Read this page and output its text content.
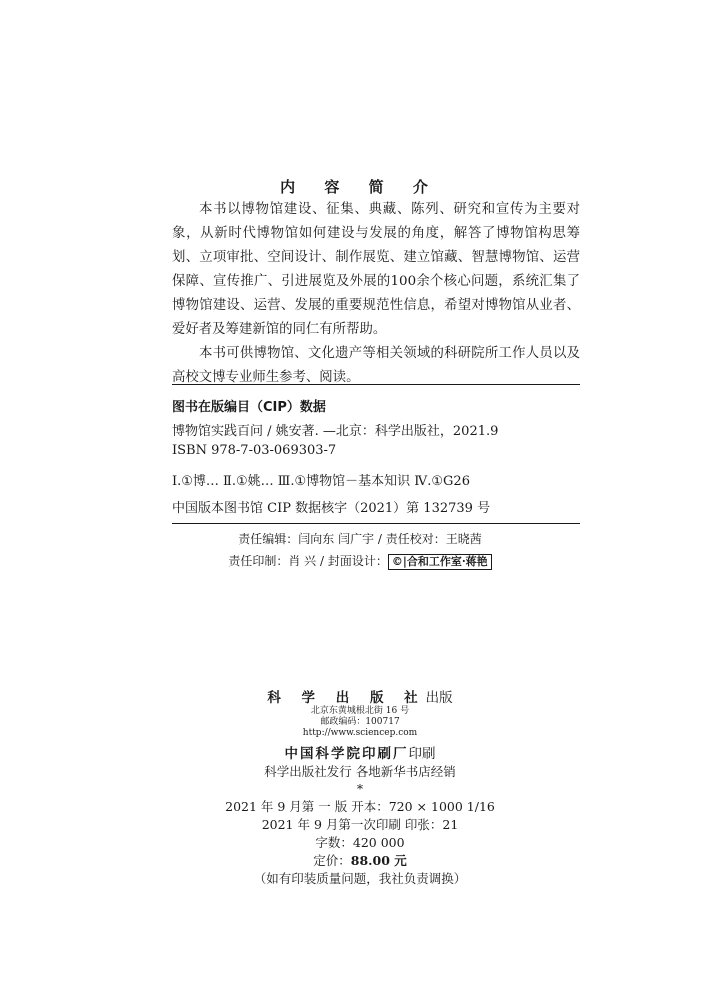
内 容 简 介

本书以博物馆建设、征集、典藏、陈列、研究和宣传为主要对象，从新时代博物馆如何建设与发展的角度，解答了博物馆构思筹划、立项审批、空间设计、制作展览、建立馆藏、智慧博物馆、运营保障、宣传推广、引进展览及外展的100余个核心问题，系统汇集了博物馆建设、运营、发展的重要规范性信息，希望对博物馆从业者、爱好者及筹建新馆的同仁有所帮助。

本书可供博物馆、文化遗产等相关领域的科研院所工作人员以及高校文博专业师生参考、阅读。

图书在版编目（CIP）数据
博物馆实践百问 / 姚安著. —北京：科学出版社，2021.9
ISBN 978-7-03-069303-7
Ⅰ.①博… Ⅱ.①姚… Ⅲ.①博物馆－基本知识 Ⅳ.①G26
中国版本图书馆 CIP 数据核字（2021）第 132739 号
责任编辑：闫向东 闫广宇 / 责任校对：王晓茜
责任印制：肖 兴 / 封面设计： ©|合和工作室·蒋艳
科 学 出 版 社出版
北京东黄城根北街 16 号
邮政编码：100717
http://www.sciencep.com
中国科学院印刷厂印刷
科学出版社发行 各地新华书店经销
*
2021 年 9 月第 一 版 开本：720 × 1000 1/16
2021 年 9 月第一次印刷 印张：21
字数：420 000
定价：88.00 元
（如有印装质量问题，我社负责调换）
